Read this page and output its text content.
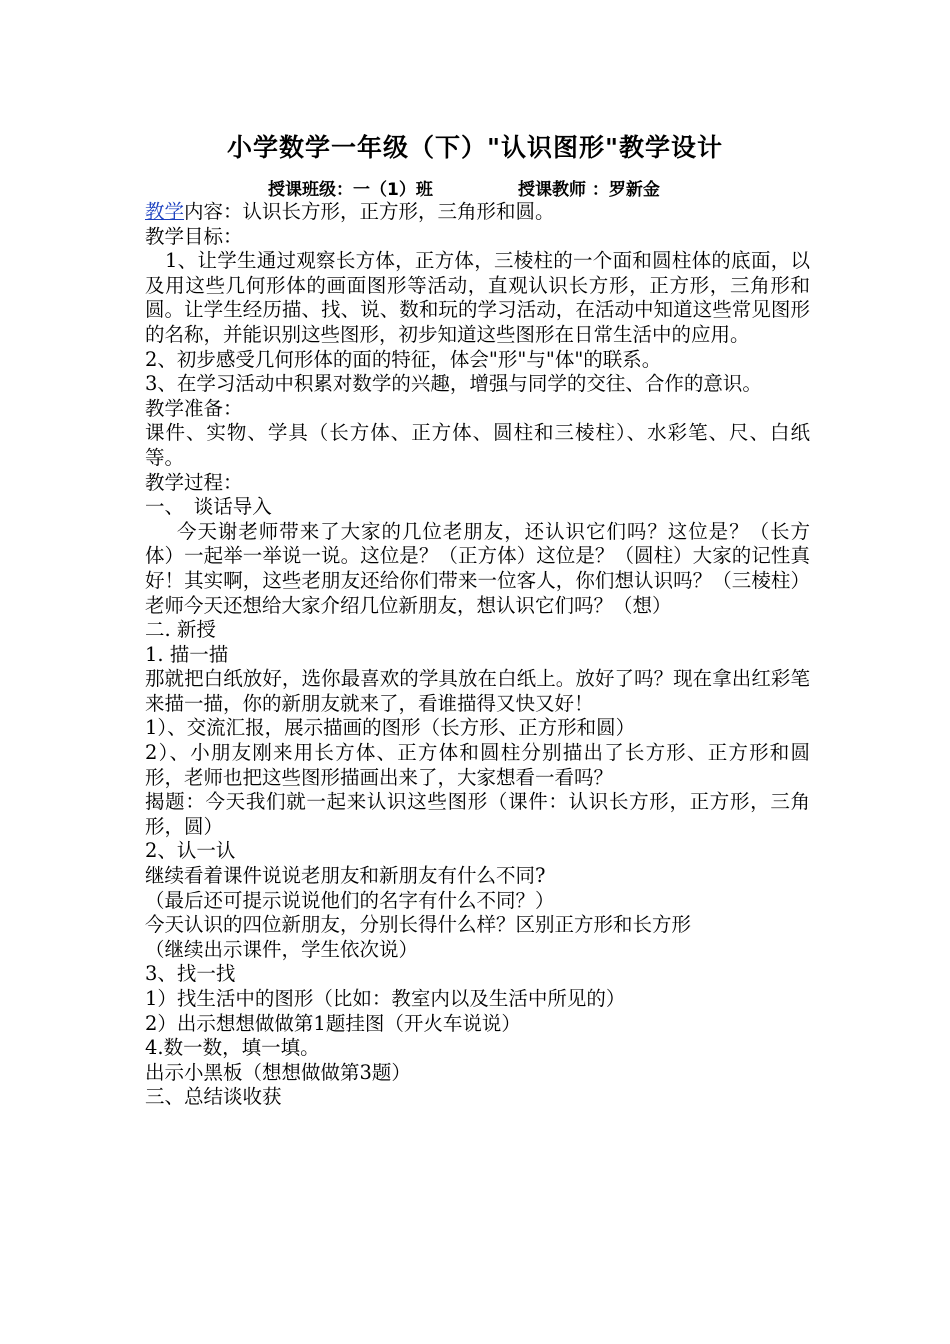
小学数学一年级（下）"认识图形"教学设计
授课班级：一（1）班	授课教师 ：罗新金

教学内容：认识长方形，正方形，三角形和圆。

教学目标：

1、让学生通过观察长方体，正方体，三棱柱的一个面和圆柱体的底面，以及用这些几何形体的画面图形等活动，直观认识长方形，正方形，三角形和圆。让学生经历描、找、说、数和玩的学习活动，在活动中知道这些常见图形的名称，并能识别这些图形，初步知道这些图形在日常生活中的应用。

2、初步感受几何形体的面的特征，体会"形"与"体"的联系。

3、在学习活动中积累对数学的兴趣，增强与同学的交往、合作的意识。

教学准备：

课件、实物、学具（长方体、正方体、圆柱和三棱柱）、水彩笔、尺、白纸等。

教学过程：

一、　谈话导入

今天谢老师带来了大家的几位老朋友，还认识它们吗？这位是？（长方体）一起举一举说一说。这位是？（正方体）这位是？（圆柱）大家的记性真好！其实啊，这些老朋友还给你们带来一位客人，你们想认识吗？（三棱柱）老师今天还想给大家介绍几位新朋友，想认识它们吗？（想）

二. 新授

1. 描一描

那就把白纸放好，选你最喜欢的学具放在白纸上。放好了吗？现在拿出红彩笔来描一描，你的新朋友就来了，看谁描得又快又好！

1）、交流汇报，展示描画的图形（长方形、正方形和圆）

2）、小朋友刚来用长方体、正方体和圆柱分别描出了长方形、正方形和圆形，老师也把这些图形描画出来了，大家想看一看吗？

揭题：今天我们就一起来认识这些图形（课件：认识长方形，正方形，三角形，圆）

2、认一认

继续看着课件说说老朋友和新朋友有什么不同?

（最后还可提示说说他们的名字有什么不同？）

今天认识的四位新朋友，分别长得什么样？区别正方形和长方形

（继续出示课件，学生依次说）

3、找一找

1）找生活中的图形（比如：教室内以及生活中所见的）

2）出示想想做做第1题挂图（开火车说说）

4.数一数，填一填。

出示小黑板（想想做做第3题）

三、总结谈收获
